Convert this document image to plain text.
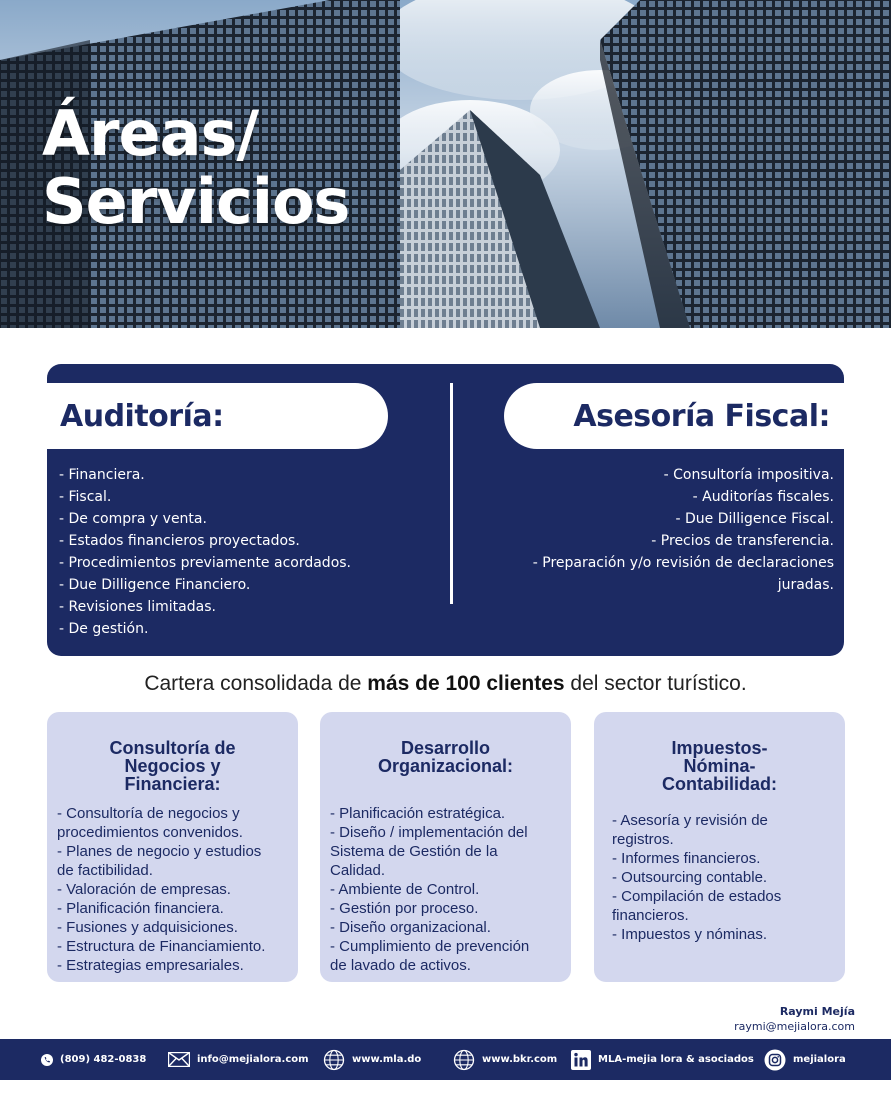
Áreas/
Servicios
Auditoría:	Asesoría Fiscal:
- Financiera.
- Fiscal.
- De compra y venta.
- Estados financieros proyectados.
- Procedimientos previamente acordados.
- Due Dilligence Financiero.
- Revisiones limitadas.
- De gestión.
- Consultoría impositiva.
- Auditorías fiscales.
- Due Dilligence Fiscal.
- Precios de transferencia.
- Preparación y/o revisión de declaraciones
juradas.

Cartera consolidada de más de 100 clientes del sector turístico.

Consultoría de
Negocios y
Financiera:
- Consultoría de negocios y
procedimientos convenidos.
- Planes de negocio y estudios
de factibilidad.
- Valoración de empresas.
- Planificación financiera.
- Fusiones y adquisiciones.
- Estructura de Financiamiento.
- Estrategias empresariales.
Desarrollo
Organizacional:
- Planificación estratégica.
- Diseño / implementación del
Sistema de Gestión de la
Calidad.
- Ambiente de Control.
- Gestión por proceso.
- Diseño organizacional.
- Cumplimiento de prevención
de lavado de activos.
Impuestos-
Nómina-
Contabilidad:
- Asesoría y revisión de
registros.
- Informes financieros.
- Outsourcing contable.
- Compilación de estados
financieros.
- Impuestos y nóminas.
Raymi Mejía
raymi@mejialora.com
(809) 482-0838	info@mejialora.com	www.mla.do	www.bkr.com	MLA-mejia lora & asociados	mejialora
